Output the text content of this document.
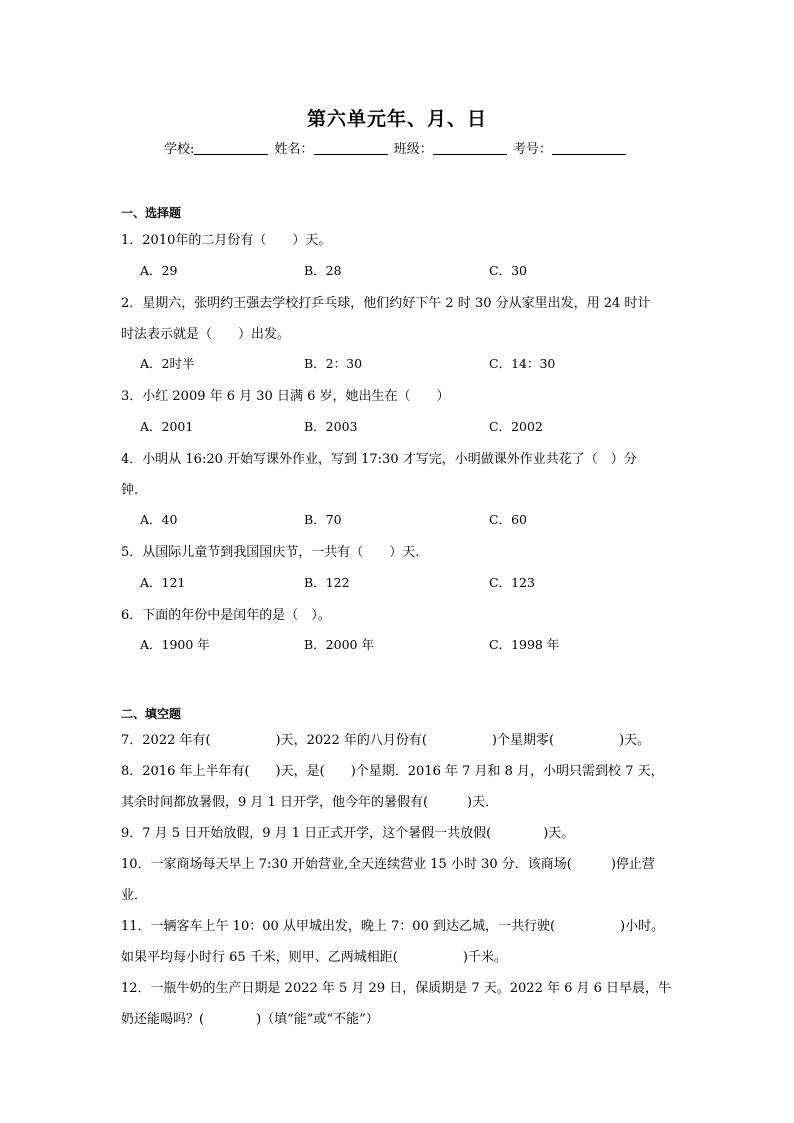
第六单元年、月、日
学校:	姓名：	班级：	考号：
一、选择题
1．2010年的二月份有（　　）天。
A．29	B．28	C．30
2．星期六，张明约王强去学校打乒乓球，他们约好下午 2 时 30 分从家里出发，用 24 时计
时法表示就是（　　）出发。
A．2时半	B．2：30	C．14：30
3．小红 2009 年 6 月 30 日满 6 岁，她出生在（　　）
A．2001	B．2003	C．2002
4．小明从 16:20 开始写课外作业，写到 17:30 才写完，小明做课外作业共花了（　）分
钟.
A．40	B．70	C．60
5．从国际儿童节到我国国庆节，一共有（　　）天.
A．121	B．122	C．123
6．下面的年份中是闰年的是（　）。
A．1900 年	B．2000 年	C．1998 年
二、填空题
7．2022 年有(　　　　　)天，2022 年的八月份有(　　　　　)个星期零(　　　　　)天。
8．2016 年上半年有(　　)天，是(　　)个星期．2016 年 7 月和 8 月，小明只需到校 7 天，
其余时间都放暑假，9 月 1 日开学，他今年的暑假有(　　　)天．
9．7 月 5 日开始放假，9 月 1 日正式开学，这个暑假一共放假(　　　　)天。
10．一家商场每天早上 7:30 开始营业,全天连续营业 15 小时 30 分．该商场(　　　)停止营
业．
11．一辆客车上午 10：00 从甲城出发，晚上 7：00 到达乙城，一共行驶(　　　　　)小时。
如果平均每小时行 65 千米，则甲、乙两城相距(　　　　　)千米。
12．一瓶牛奶的生产日期是 2022 年 5 月 29 日，保质期是 7 天。2022 年 6 月 6 日早晨，牛
奶还能喝吗？(　　　　)（填“能”或“不能”）
